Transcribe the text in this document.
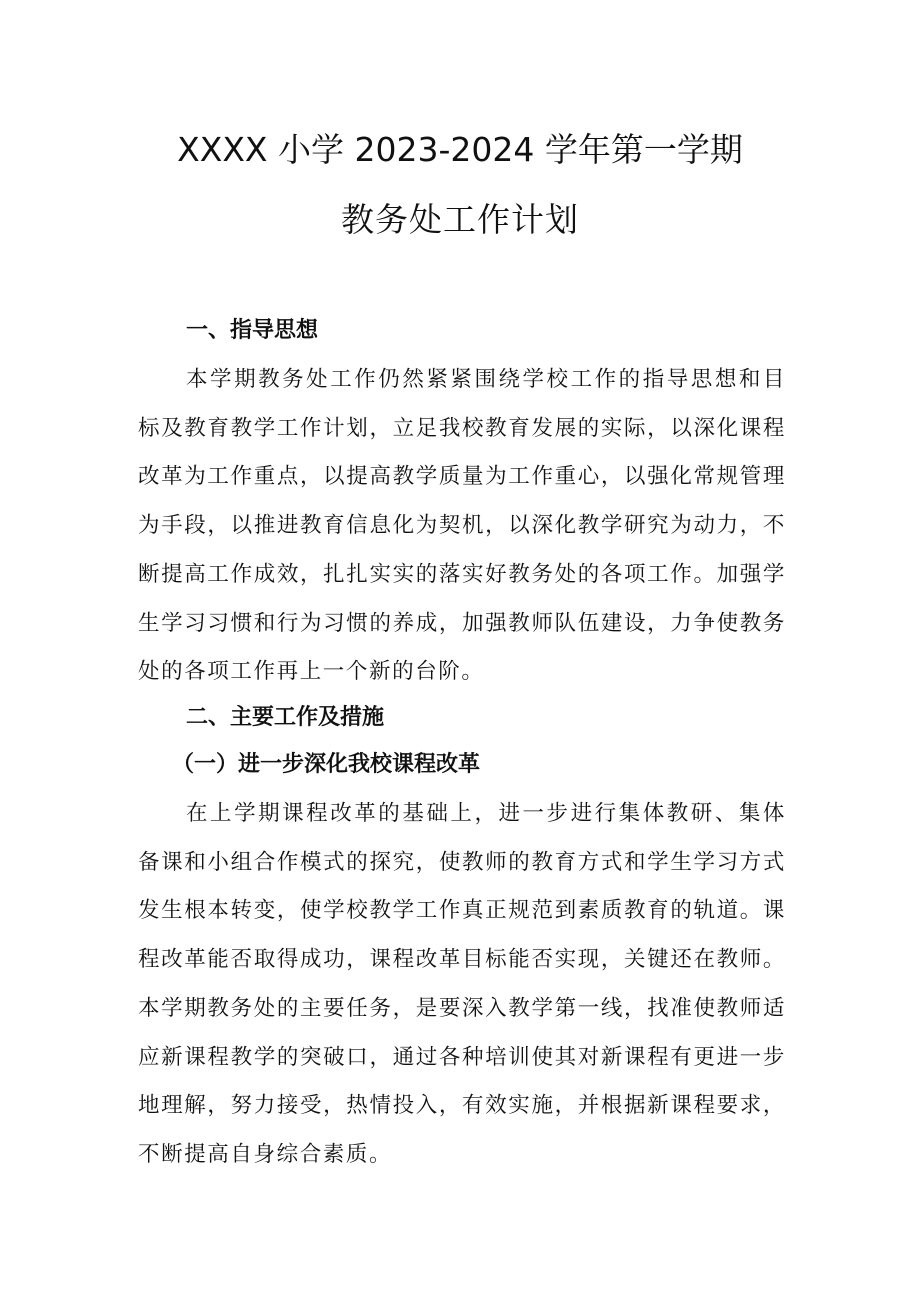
XXXX 小学 2023-2024 学年第一学期
教务处工作计划
一、指导思想

本学期教务处工作仍然紧紧围绕学校工作的指导思想和目标及教育教学工作计划，立足我校教育发展的实际，以深化课程改革为工作重点，以提高教学质量为工作重心，以强化常规管理为手段，以推进教育信息化为契机，以深化教学研究为动力，不断提高工作成效，扎扎实实的落实好教务处的各项工作。加强学生学习习惯和行为习惯的养成，加强教师队伍建设，力争使教务处的各项工作再上一个新的台阶。

二、主要工作及措施
（一）进一步深化我校课程改革

在上学期课程改革的基础上，进一步进行集体教研、集体备课和小组合作模式的探究，使教师的教育方式和学生学习方式发生根本转变，使学校教学工作真正规范到素质教育的轨道。课程改革能否取得成功，课程改革目标能否实现，关键还在教师。本学期教务处的主要任务，是要深入教学第一线，找准使教师适应新课程教学的突破口，通过各种培训使其对新课程有更进一步地理解，努力接受，热情投入，有效实施，并根据新课程要求，不断提高自身综合素质。
